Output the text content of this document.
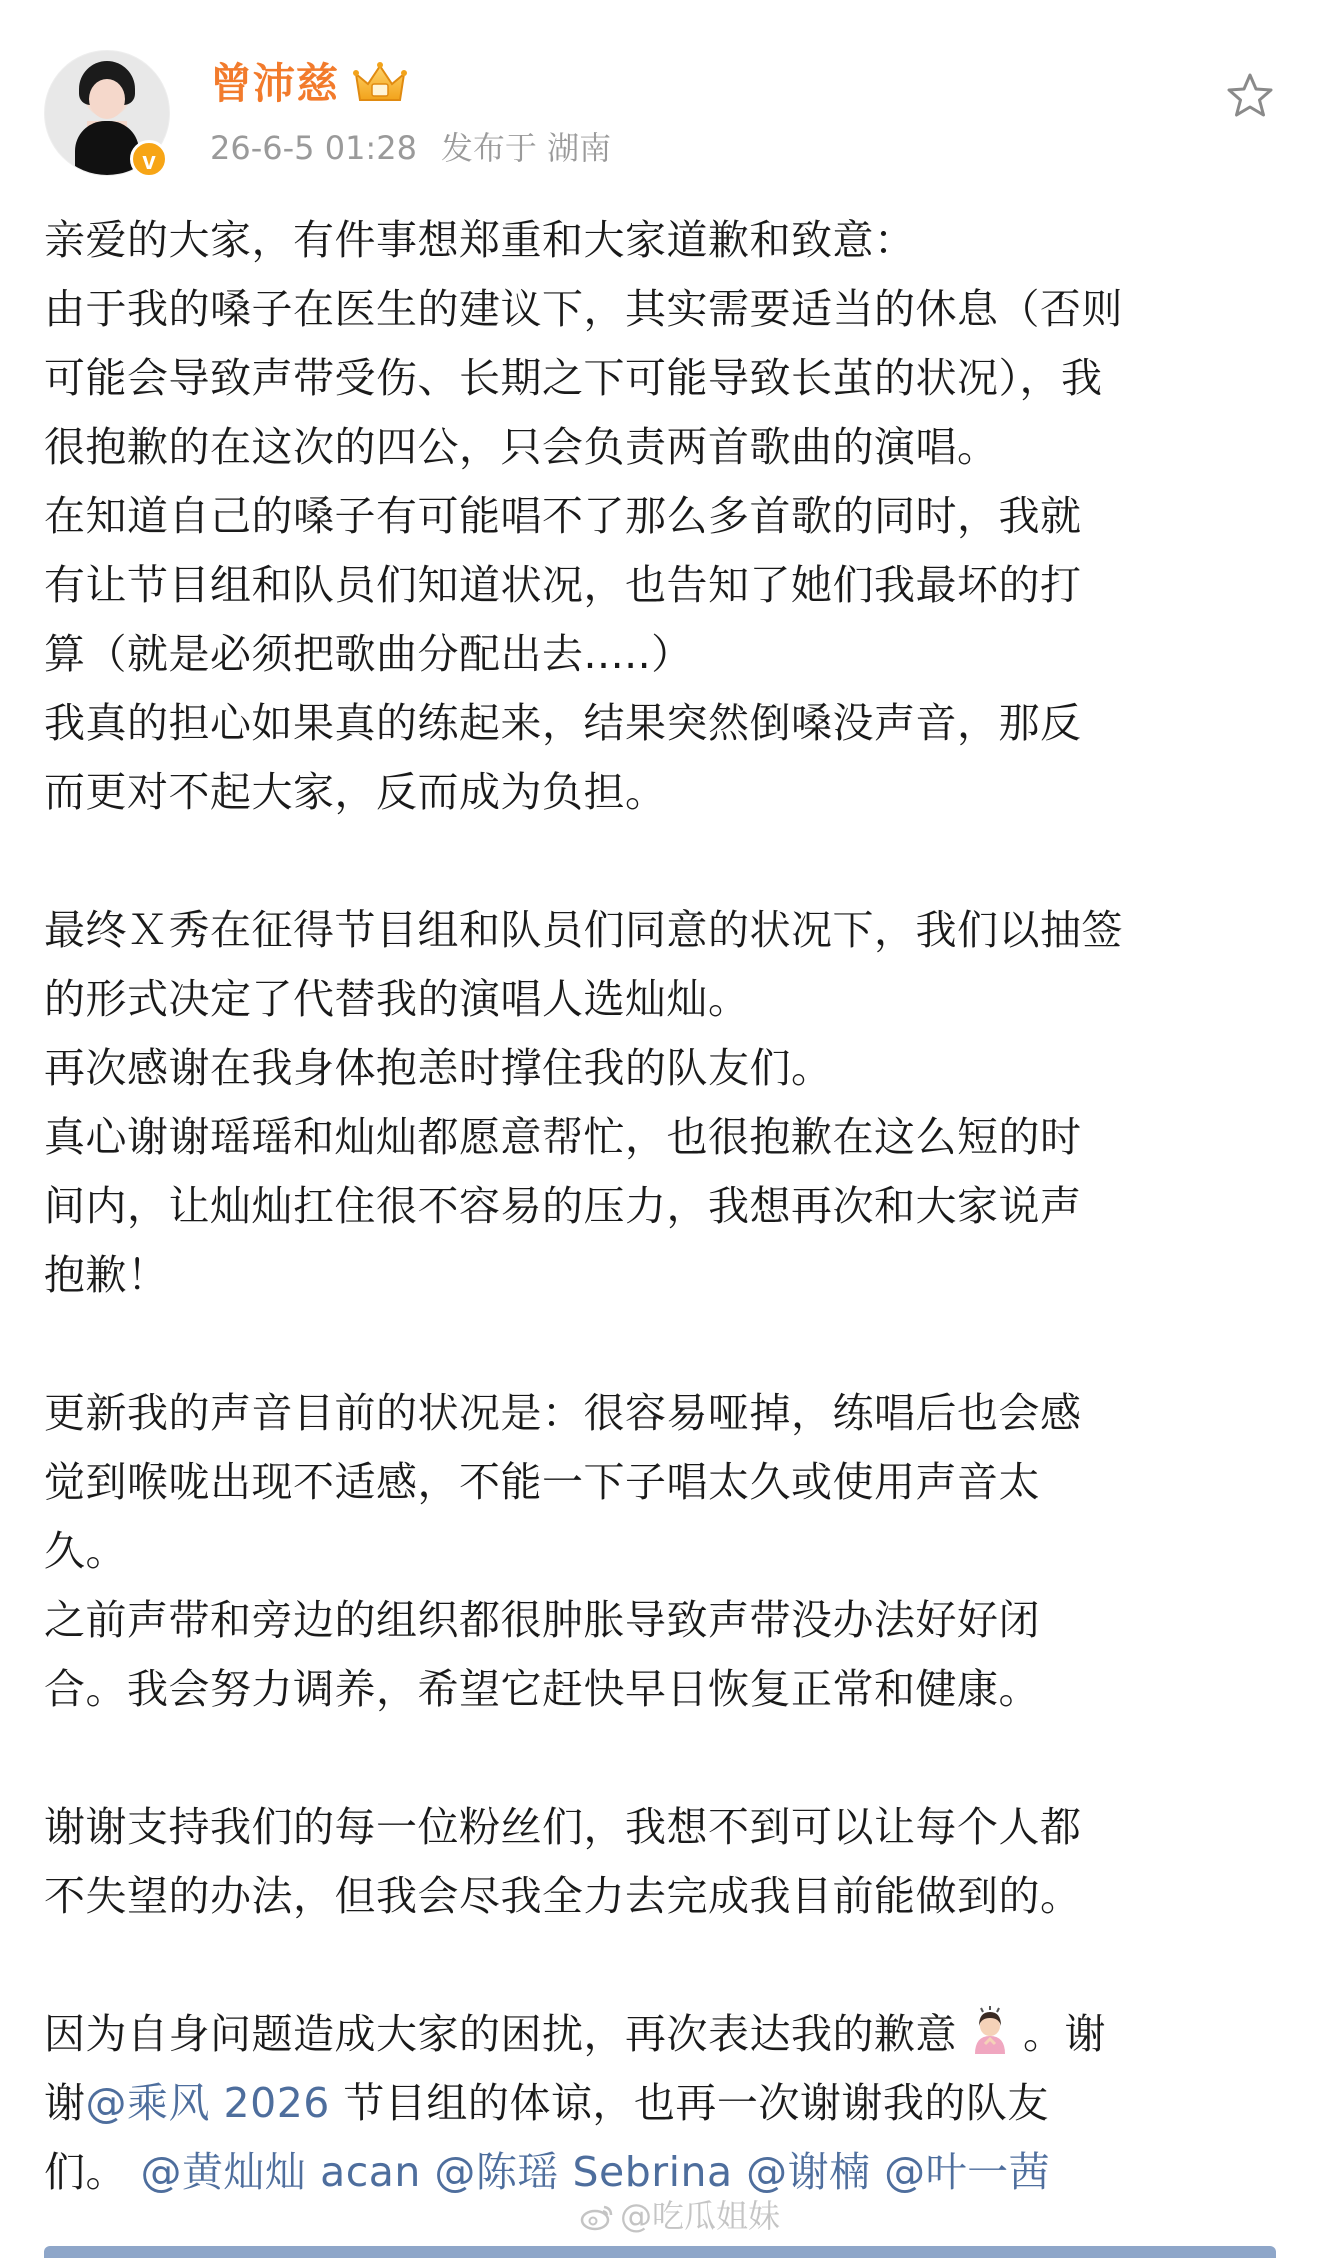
v
曾沛慈
26-6-5 01:28 发布于 湖南

亲爱的大家，有件事想郑重和大家道歉和致意：

由于我的嗓子在医生的建议下，其实需要适当的休息（否则

可能会导致声带受伤、长期之下可能导致长茧的状况），我

很抱歉的在这次的四公，只会负责两首歌曲的演唱。

在知道自己的嗓子有可能唱不了那么多首歌的同时，我就

有让节目组和队员们知道状况，也告知了她们我最坏的打

算（就是必须把歌曲分配出去.....）

我真的担心如果真的练起来，结果突然倒嗓没声音，那反

而更对不起大家，反而成为负担。

最终Ｘ秀在征得节目组和队员们同意的状况下，我们以抽签

的形式决定了代替我的演唱人选灿灿。

再次感谢在我身体抱恙时撑住我的队友们。

真心谢谢瑶瑶和灿灿都愿意帮忙，也很抱歉在这么短的时

间内，让灿灿扛住很不容易的压力，我想再次和大家说声

抱歉！

更新我的声音目前的状况是：很容易哑掉，练唱后也会感

觉到喉咙出现不适感，不能一下子唱太久或使用声音太

久。

之前声带和旁边的组织都很肿胀导致声带没办法好好闭

合。我会努力调养，希望它赶快早日恢复正常和健康。

谢谢支持我们的每一位粉丝们，我想不到可以让每个人都

不失望的办法，但我会尽我全力去完成我目前能做到的。

因为自身问题造成大家的困扰，再次表达我的歉意 。谢

谢@乘风 2026 节目组的体谅，也再一次谢谢我的队友

们。 @黄灿灿 acan @陈瑶 Sebrina @谢楠 @叶一茜

@吃瓜姐妹
